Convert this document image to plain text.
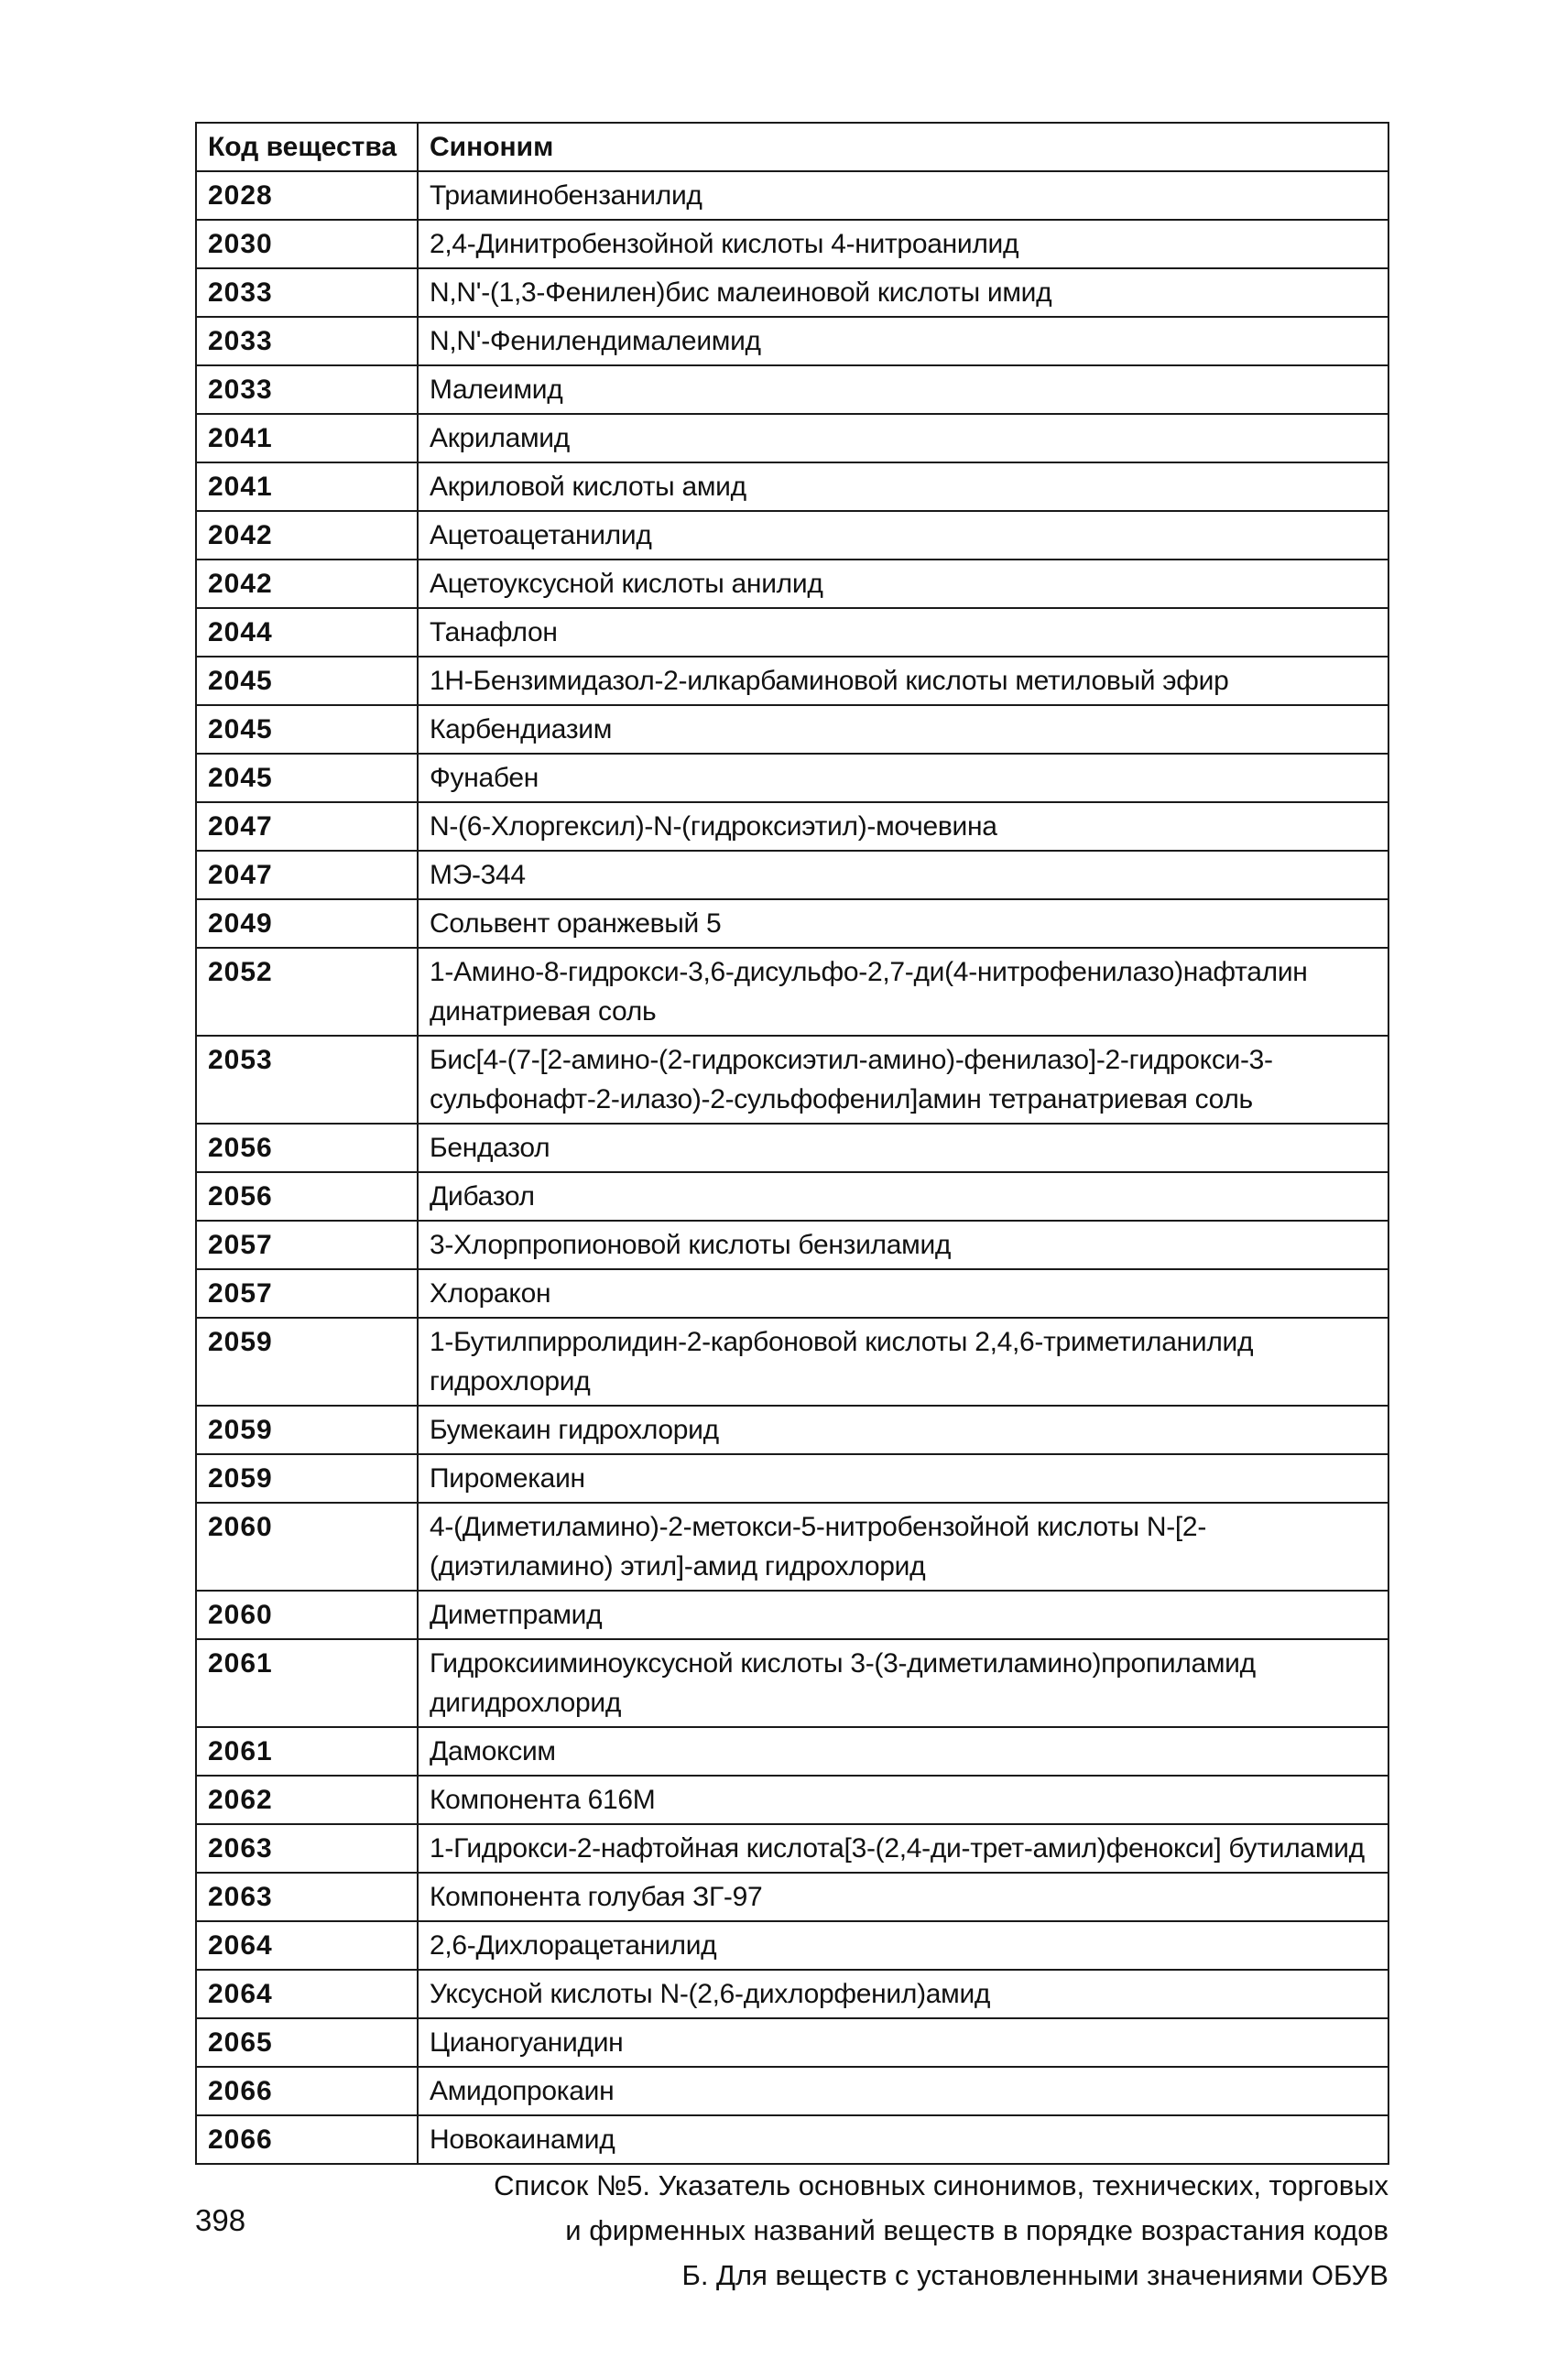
Код вещества	Синоним
2028	Триаминобензанилид
2030	2,4-Динитробензойной кислоты 4-нитроанилид
2033	N,N'-(1,3-Фенилен)бис малеиновой кислоты имид
2033	N,N'-Фенилендималеимид
2033	Малеимид
2041	Акриламид
2041	Акриловой кислоты амид
2042	Ацетоацетанилид
2042	Ацетоуксусной кислоты анилид
2044	Танафлон
2045	1Н-Бензимидазол-2-илкарбаминовой кислоты метиловый эфир
2045	Карбендиазим
2045	Фунабен
2047	N-(6-Хлоргексил)-N-(гидроксиэтил)-мочевина
2047	МЭ-344
2049	Сольвент оранжевый 5
2052	1-Амино-8-гидрокси-3,6-дисульфо-2,7-ди(4-нитрофенилазо)нафталин динатриевая соль
2053	Бис[4-(7-[2-амино-(2-гидроксиэтил-амино)-фенилазо]-2-гидрокси-3-сульфонафт-2-илазо)-2-сульфофенил]амин тетранатриевая соль
2056	Бендазол
2056	Дибазол
2057	3-Хлорпропионовой кислоты бензиламид
2057	Хлоракон
2059	1-Бутилпирролидин-2-карбоновой кислоты 2,4,6-триметиланилид гидрохлорид
2059	Бумекаин гидрохлорид
2059	Пиромекаин
2060	4-(Диметиламино)-2-метокси-5-нитробензойной кислоты N-[2-(диэтиламино) этил]-амид гидрохлорид
2060	Диметпрамид
2061	Гидроксииминоуксусной кислоты 3-(3-диметиламино)пропиламид дигидрохлорид
2061	Дамоксим
2062	Компонента 616М
2063	1-Гидрокси-2-нафтойная кислота[3-(2,4-ди-трет-амил)фенокси] бутиламид
2063	Компонента голубая ЗГ-97
2064	2,6-Дихлорацетанилид
2064	Уксусной кислоты N-(2,6-дихлорфенил)амид
2065	Цианогуанидин
2066	Амидопрокаин
2066	Новокаинамид
398
Список №5. Указатель основных синонимов, технических, торговых
и фирменных названий веществ в порядке возрастания кодов
Б. Для веществ с установленными значениями ОБУВ
